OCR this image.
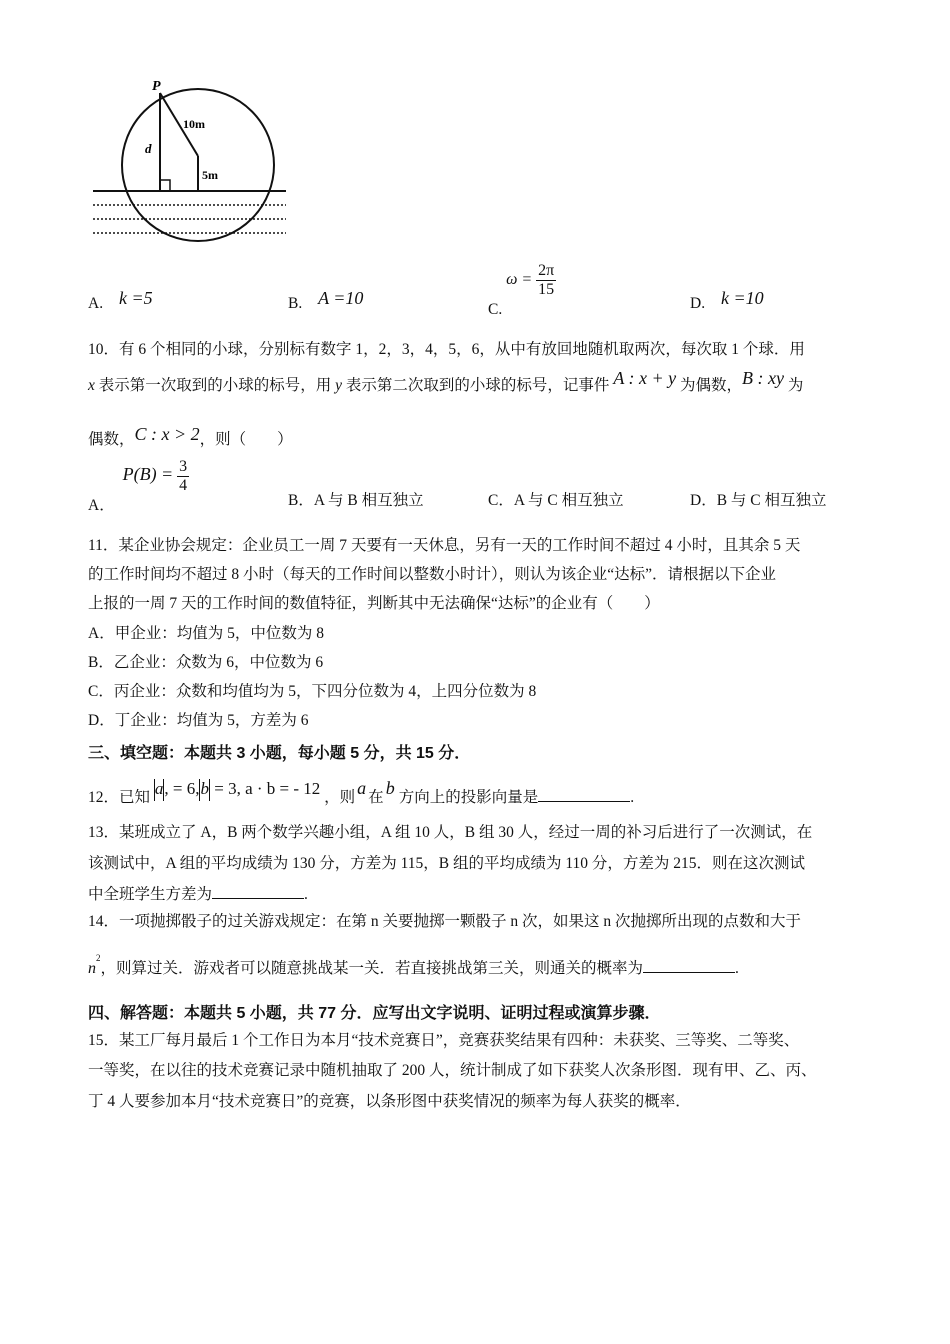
P
d
10m
5m
A. k =5	B. A =10
C. $\omega = \frac{2\pi}{15}$
D. k =10
10．有 6 个相同的小球，分别标有数字 1，2，3，4，5，6，从中有放回地随机取两次，每次取 1 个球．用
x 表示第一次取到的小球的标号，用 y 表示第二次取到的小球的标号，记事件 A : x + y 为偶数，B : xy 为
偶数，C : x > 2，则（　　）
A． $P(B) = \frac{3}{4}$
B．A 与 B 相互独立	C．A 与 C 相互独立	D．B 与 C 相互独立
11．某企业协会规定：企业员工一周 7 天要有一天休息，另有一天的工作时间不超过 4 小时，且其余 5 天
的工作时间均不超过 8 小时（每天的工作时间以整数小时计），则认为该企业“达标”．请根据以下企业
上报的一周 7 天的工作时间的数值特征，判断其中无法确保“达标”的企业有（　　）
A．甲企业：均值为 5，中位数为 8
B．乙企业：众数为 6，中位数为 6
C．丙企业：众数和均值均为 5，下四分位数为 4，上四分位数为 8
D．丁企业：均值为 5，方差为 6
三、填空题：本题共 3 小题，每小题 5 分，共 15 分．
12．已知 a, = 6,b = 3, a · b = - 12 ，则 a 在 b 方向上的投影向量是	.
13．某班成立了 A，B 两个数学兴趣小组，A 组 10 人，B 组 30 人，经过一周的补习后进行了一次测试，在
该测试中，A 组的平均成绩为 130 分，方差为 115，B 组的平均成绩为 110 分，方差为 215．则在这次测试
中全班学生方差为	.
14．一项抛掷骰子的过关游戏规定：在第 n 关要抛掷一颗骰子 n 次，如果这 n 次抛掷所出现的点数和大于
$n^2$，则算过关．游戏者可以随意挑战某一关．若直接挑战第三关，则通关的概率为	.
四、解答题：本题共 5 小题，共 77 分．应写出文字说明、证明过程或演算步骤．
15．某工厂每月最后 1 个工作日为本月“技术竞赛日”，竞赛获奖结果有四种：未获奖、三等奖、二等奖、
一等奖，在以往的技术竞赛记录中随机抽取了 200 人，统计制成了如下获奖人次条形图．现有甲、乙、丙、
丁 4 人要参加本月“技术竞赛日”的竞赛，以条形图中获奖情况的频率为每人获奖的概率．
